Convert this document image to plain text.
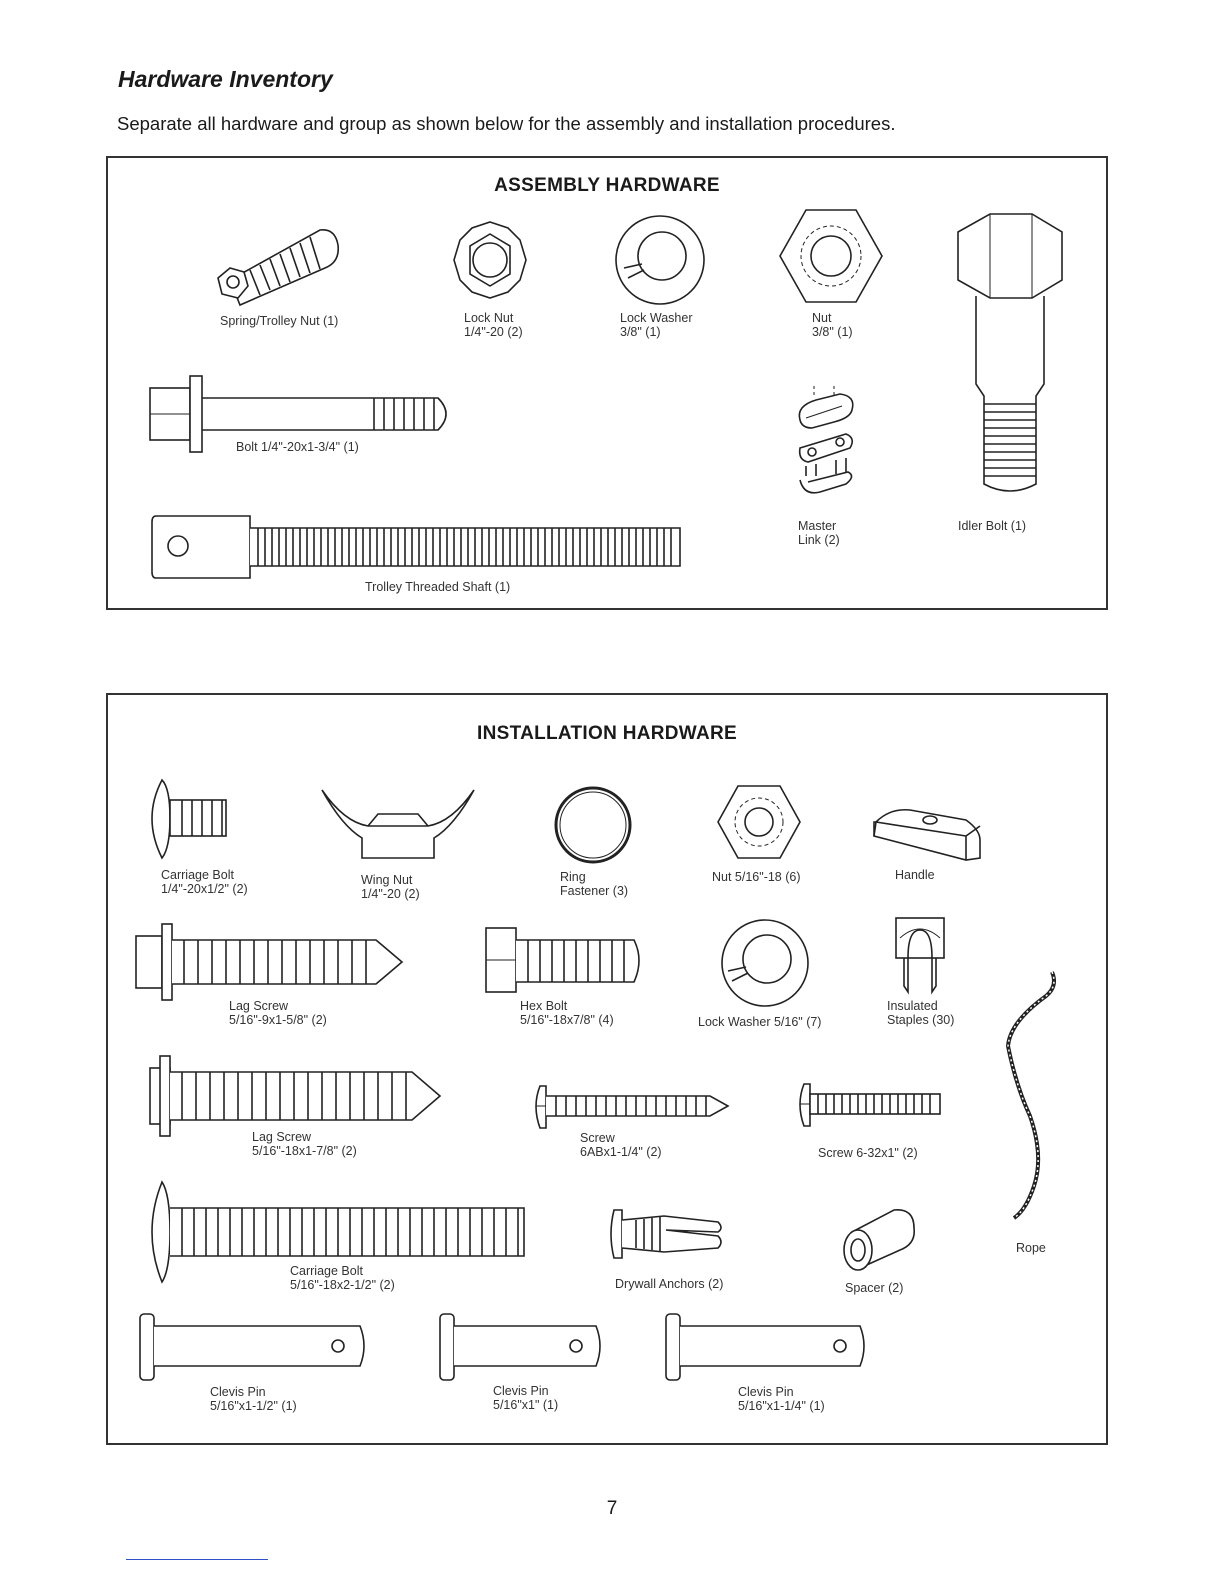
Hardware Inventory

Separate all hardware and group as shown below for the assembly and installation procedures.

ASSEMBLY HARDWARE
Spring/Trolley Nut (1)	Lock Nut
1/4"-20 (2)
Lock Washer
3/8" (1)
Nut
3/8" (1)
Idler Bolt (1)
Bolt 1/4"-20x1-3/4" (1)
Master
Link (2)
Trolley Threaded Shaft (1)
INSTALLATION HARDWARE
Carriage Bolt
1/4"-20x1/2" (2)
Wing Nut
1/4"-20 (2)
Ring
Fastener (3)
Nut 5/16"-18 (6)	Handle
Lag Screw
5/16"-9x1-5/8" (2)
Hex Bolt
5/16"-18x7/8" (4)	Lock Washer 5/16" (7)
Insulated
Staples (30)
Rope
Lag Screw
5/16"-18x1-7/8" (2)
Screw
6ABx1-1/4" (2)	Screw 6-32x1" (2)
Carriage Bolt
5/16"-18x2-1/2" (2)	Drywall Anchors (2)	Spacer (2)
Clevis Pin
5/16"x1-1/2" (1)
Clevis Pin
5/16"x1" (1)
Clevis Pin
5/16"x1-1/4" (1)
7
